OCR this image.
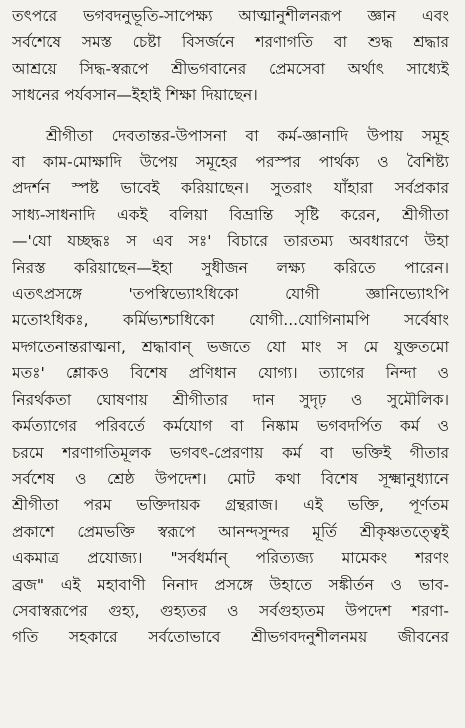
তৎপরে ভগবদনুভূতি-সাপেক্ষ্য আত্মানুশীলনরূপ জ্ঞান এবং
সর্বশেষে সমস্ত চেষ্টা বিসর্জনে শরণাগতি বা শুদ্ধ শ্রদ্ধার
আশ্রয়ে সিদ্ধ-স্বরূপে শ্রীভগবানের প্রেমসেবা অর্থাৎ সাধ্যেই
সাধনের পর্যবসান—ইহাই শিক্ষা দিয়াছেন।

শ্রীগীতা দেবতান্তর-উপাসনা বা কর্ম-জ্ঞানাদি উপায় সমূহ
বা কাম-মোক্ষাদি উপেয় সমূহের পরস্পর পার্থক্য ও বৈশিষ্ট্য
প্রদর্শন স্পষ্ট ভাবেই করিয়াছেন। সুতরাং যাঁহারা সর্বপ্রকার
সাধ্য-সাধনাদি একই বলিয়া বিভ্রান্তি সৃষ্টি করেন, শ্রীগীতা
—'যো যচ্ছদ্ধঃ স এব সঃ' বিচারে তারতম্য অবধারণে উহা
নিরস্ত করিয়াছেন—ইহা সুধীজন লক্ষ্য করিতে পারেন।
এতৎপ্রসঙ্গে 'তপস্বিভ্যোঽধিকো যোগী জ্ঞানিভ্যোঽপি
মতোঽধিকঃ, কর্মিভ্যশ্চাধিকো যোগী...যোগিনামপি সর্বেষাং
মদ্গতেনান্তরাত্মনা, শ্রদ্ধাবান্‌ ভজতে যো মাং স মে যুক্ততমো
মতঃ' শ্লোকও বিশেষ প্রণিধান যোগ্য। ত্যাগের নিন্দা ও
নিরর্থকতা ঘোষণায় শ্রীগীতার দান সুদৃঢ় ও সুমৌলিক।
কর্মত্যাগের পরিবর্তে কর্মযোগ বা নিষ্কাম ভগবদর্পিত কর্ম ও
চরমে শরণাগতিমূলক ভগবৎ-প্রেরণায় কর্ম বা ভক্তিই গীতার
সর্বশেষ ও শ্রেষ্ঠ উপদেশ। মোট কথা বিশেষ সূক্ষ্মানুধ্যানে
শ্রীগীতা পরম ভক্তিদায়ক গ্রন্থরাজ। এই ভক্তি, পূর্ণতম
প্রকাশে প্রেমভক্তি স্বরূপে আনন্দসুন্দর মূর্তি শ্রীকৃষ্ণতত্ত্বেই
একমাত্র প্রযোজ্য। "সর্বধর্মান্ পরিত্যজ্য মামেকং শরণং
ব্রজ" এই মহাবাণী নিনাদ প্রসঙ্গে উহাতে সঙ্কীর্তন ও ভাব-
সেবাস্বরূপের গুহ্য, গুহ্যতর ও সর্বগুহ্যতম উপদেশ শরণা-
গতি সহকারে সর্বতোভাবে শ্রীভগবদনুশীলনময় জীবনের
